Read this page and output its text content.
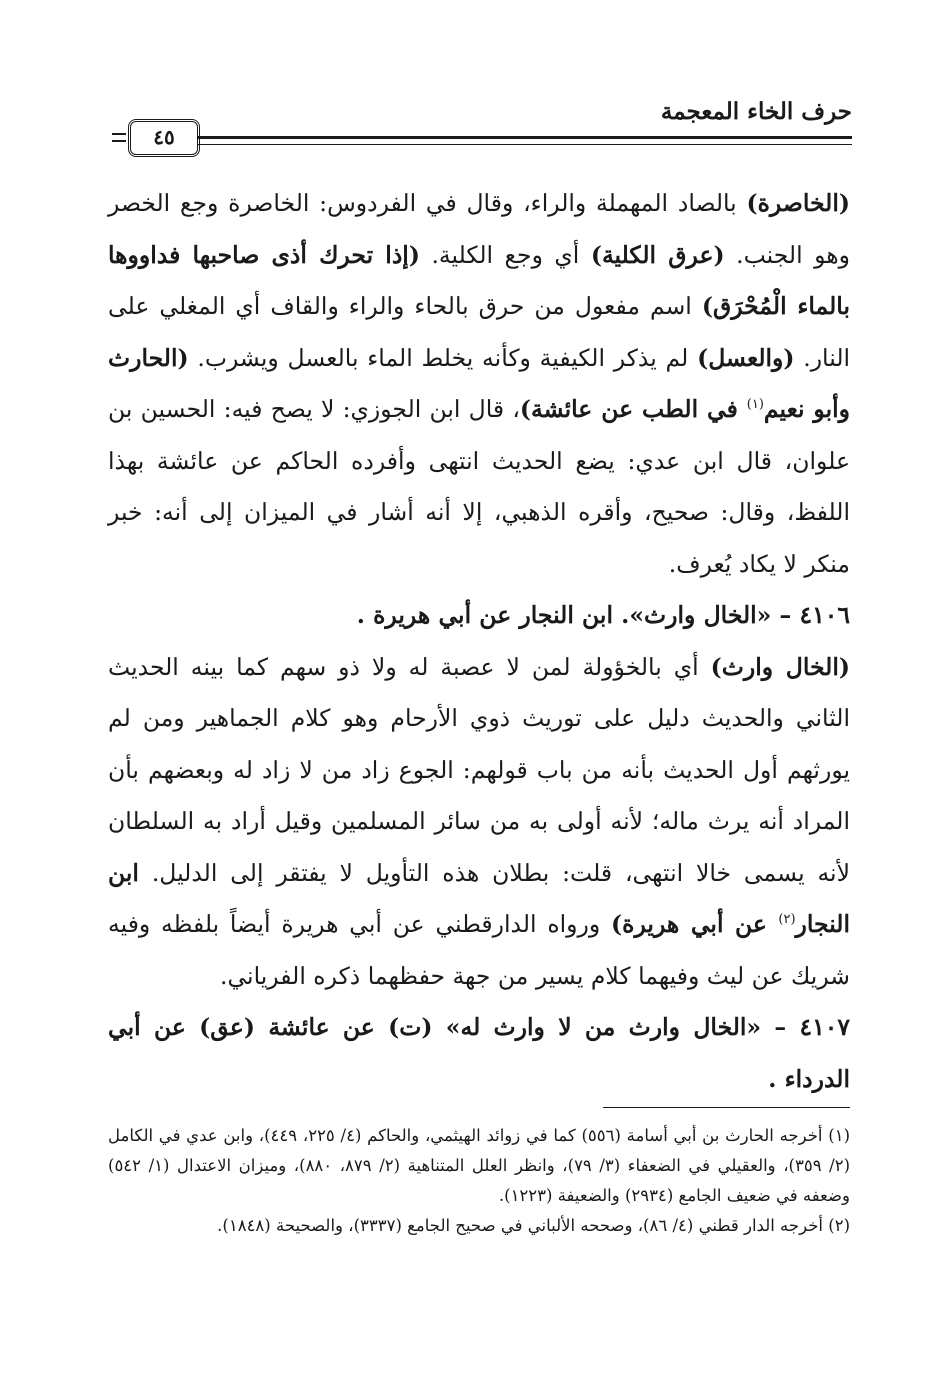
حرف الخاء المعجمة
٤٥

(الخاصرة) بالصاد المهملة والراء، وقال في الفردوس: الخاصرة وجع الخصر وهو الجنب. (عرق الكلية) أي وجع الكلية. (إذا تحرك أذى صاحبها فداووها بالماء الْمُحْرَق) اسم مفعول من حرق بالحاء والراء والقاف أي المغلي على النار. (والعسل) لم يذكر الكيفية وكأنه يخلط الماء بالعسل ويشرب. (الحارث وأبو نعيم$^{(١)}$ في الطب عن عائشة)، قال ابن الجوزي: لا يصح فيه: الحسين بن علوان، قال ابن عدي: يضع الحديث انتهى وأفرده الحاكم عن عائشة بهذا اللفظ، وقال: صحيح، وأقره الذهبي، إلا أنه أشار في الميزان إلى أنه: خبر منكر لا يكاد يُعرف.

٤١٠٦ – «الخال وارث». ابن النجار عن أبي هريرة .

(الخال وارث) أي بالخؤولة لمن لا عصبة له ولا ذو سهم كما بينه الحديث الثاني والحديث دليل على توريث ذوي الأرحام وهو كلام الجماهير ومن لم يورثهم أول الحديث بأنه من باب قولهم: الجوع زاد من لا زاد له وبعضهم بأن المراد أنه يرث ماله؛ لأنه أولى به من سائر المسلمين وقيل أراد به السلطان لأنه يسمى خالا انتهى، قلت: بطلان هذه التأويل لا يفتقر إلى الدليل. ابن النجار$^{(٢)}$ عن أبي هريرة) ورواه الدارقطني عن أبي هريرة أيضاً بلفظه وفيه شريك عن ليث وفيهما كلام يسير من جهة حفظهما ذكره الفرياني.

٤١٠٧ – «الخال وارث من لا وارث له» (ت) عن عائشة (عق) عن أبي الدرداء .

(١) أخرجه الحارث بن أبي أسامة (٥٥٦) كما في زوائد الهيثمي، والحاكم (٤/ ٢٢٥، ٤٤٩)، وابن عدي في الكامل (٢/ ٣٥٩)، والعقيلي في الضعفاء (٣/ ٧٩)، وانظر العلل المتناهية (٢/ ٨٧٩، ٨٨٠)، وميزان الاعتدال (١/ ٥٤٢) وضعفه في ضعيف الجامع (٢٩٣٤) والضعيفة (١٢٢٣).

(٢) أخرجه الدار قطني (٤/ ٨٦)، وصححه الألباني في صحيح الجامع (٣٣٣٧)، والصحيحة (١٨٤٨).
